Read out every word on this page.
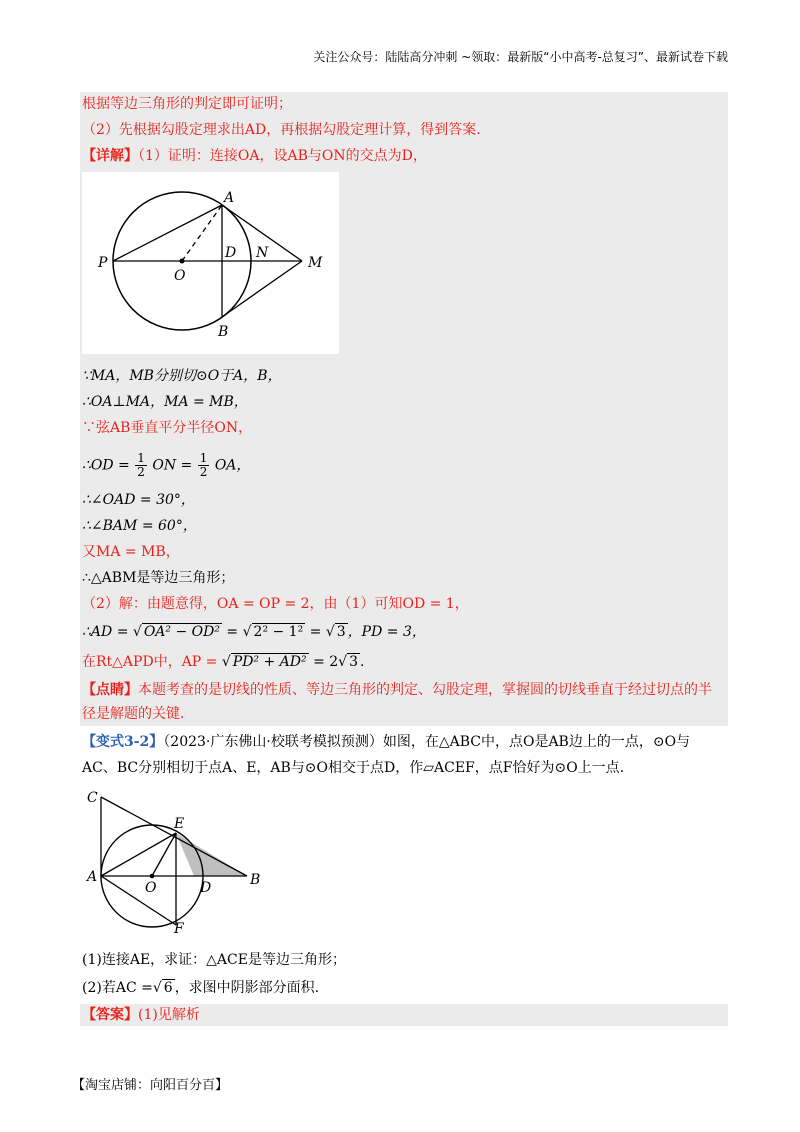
关注公众号：陆陆高分冲刺 ~领取：最新版“小中高考-总复习”、最新试卷下载
根据等边三角形的判定即可证明；
（2）先根据勾股定理求出AD，再根据勾股定理计算，得到答案.
【详解】（1）证明：连接OA，设AB与ON的交点为D，
A
B
P
O
D N
M
∵MA，MB分别切⊙O于A，B，
∴OA⊥MA，MA = MB，
∵弦AB垂直平分半径ON，
∴OD = $\frac{1}{2}$ ON = $\frac{1}{2}$ OA，
∴∠OAD = 30°，
∴∠BAM = 60°，
又MA = MB，
∴△ABM是等边三角形；
（2）解：由题意得，OA = OP = 2，由（1）可知OD = 1，
∴AD = √ OA² − OD² = √ 2² − 1² = √ 3 ，PD = 3，
在Rt△APD中，AP = √ PD² + AD² = 2√ 3 .
【点睛】本题考查的是切线的性质、等边三角形的判定、勾股定理，掌握圆的切线垂直于经过切点的半
径是解题的关键.
【变式3-2】（2023·广东佛山·校联考模拟预测）如图，在△ABC中，点O是AB边上的一点，⊙O与
AC、BC分别相切于点A、E，AB与⊙O相交于点D，作▱ACEF，点F恰好为⊙O上一点.
C
E
A
O	D	B
F
(1)连接AE，求证：△ACE是等边三角形；
(2)若AC =√ 6 ，求图中阴影部分面积.
【答案】(1)见解析
【淘宝店铺：向阳百分百】
